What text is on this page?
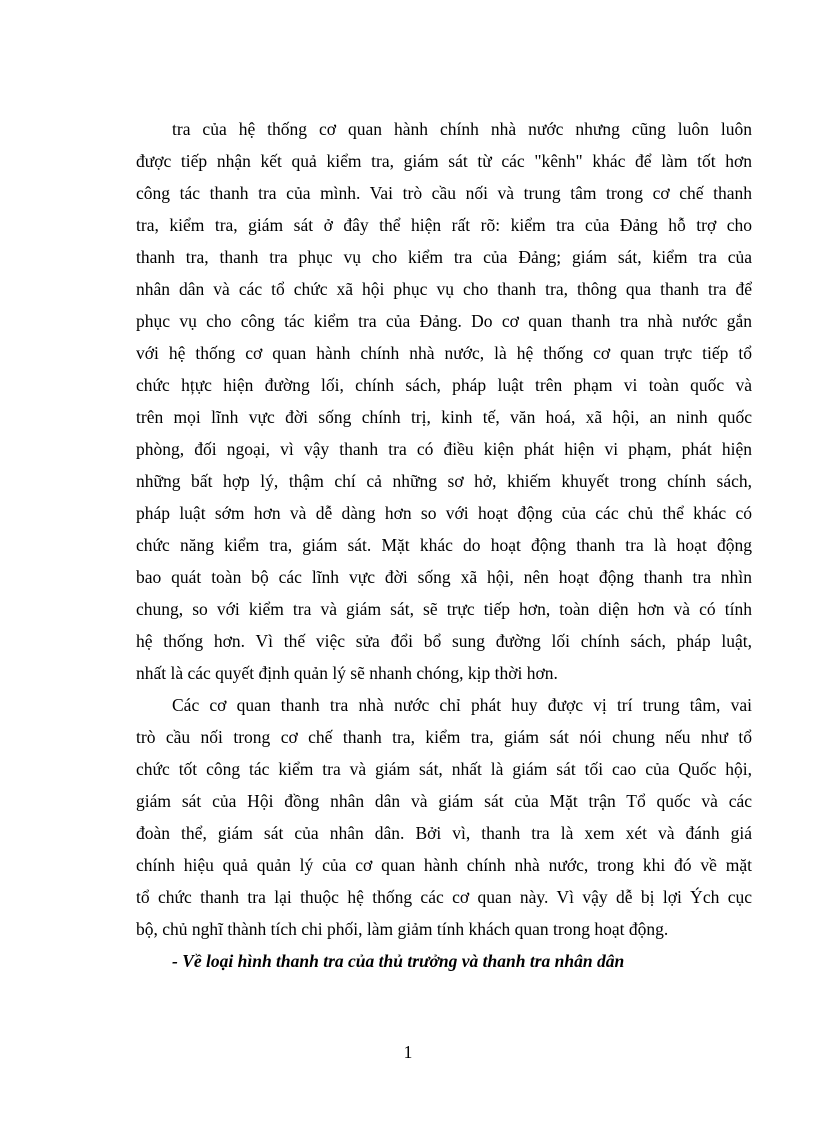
tra của hệ thống cơ quan hành chính nhà nước nhưng cũng luôn luôn
được tiếp nhận kết quả kiểm tra, giám sát từ các "kênh" khác để làm tốt hơn
công tác thanh tra của mình. Vai trò cầu nối và trung tâm trong cơ chế thanh
tra, kiểm tra, giám sát ở đây thể hiện rất rõ: kiểm tra của Đảng hỗ trợ cho
thanh tra, thanh tra phục vụ cho kiểm tra của Đảng; giám sát, kiểm tra của
nhân dân và các tổ chức xã hội phục vụ cho thanh tra, thông qua thanh tra để
phục vụ cho công tác kiểm tra của Đảng. Do cơ quan thanh tra nhà nước gắn
với hệ thống cơ quan hành chính nhà nước, là hệ thống cơ quan trực tiếp tổ
chức hțực hiện đường lối, chính sách, pháp luật trên phạm vi toàn quốc và
trên mọi lĩnh vực đời sống chính trị, kinh tế, văn hoá, xã hội, an ninh quốc
phòng, đối ngoại, vì vậy thanh tra có điều kiện phát hiện vi phạm, phát hiện
những bất hợp lý, thậm chí cả những sơ hở, khiếm khuyết trong chính sách,
pháp luật sớm hơn và dễ dàng hơn so với hoạt động của các chủ thể khác có
chức năng kiểm tra, giám sát. Mặt khác do hoạt động thanh tra là hoạt động
bao quát toàn bộ các lĩnh vực đời sống xã hội, nên hoạt động thanh tra nhìn
chung, so với kiểm tra và giám sát, sẽ trực tiếp hơn, toàn diện hơn và có tính
hệ thống hơn. Vì thế việc sửa đổi bổ sung đường lối chính sách, pháp luật,
nhất là các quyết định quản lý sẽ nhanh chóng, kịp thời hơn.
Các cơ quan thanh tra nhà nước chỉ phát huy được vị trí trung tâm, vai
trò cầu nối trong cơ chế thanh tra, kiểm tra, giám sát nói chung nếu như tổ
chức tốt công tác kiểm tra và giám sát, nhất là giám sát tối cao của Quốc hội,
giám sát của Hội đồng nhân dân và giám sát của Mặt trận Tổ quốc và các
đoàn thể, giám sát của nhân dân. Bởi vì, thanh tra là xem xét và đánh giá
chính hiệu quả quản lý của cơ quan hành chính nhà nước, trong khi đó về mặt
tổ chức thanh tra lại thuộc hệ thống các cơ quan này. Vì vậy dễ bị lợi Ých cục
bộ, chủ nghĩ thành tích chi phối, làm giảm tính khách quan trong hoạt động.
- Về loại hình thanh tra của thủ trưởng và thanh tra nhân dân
1
